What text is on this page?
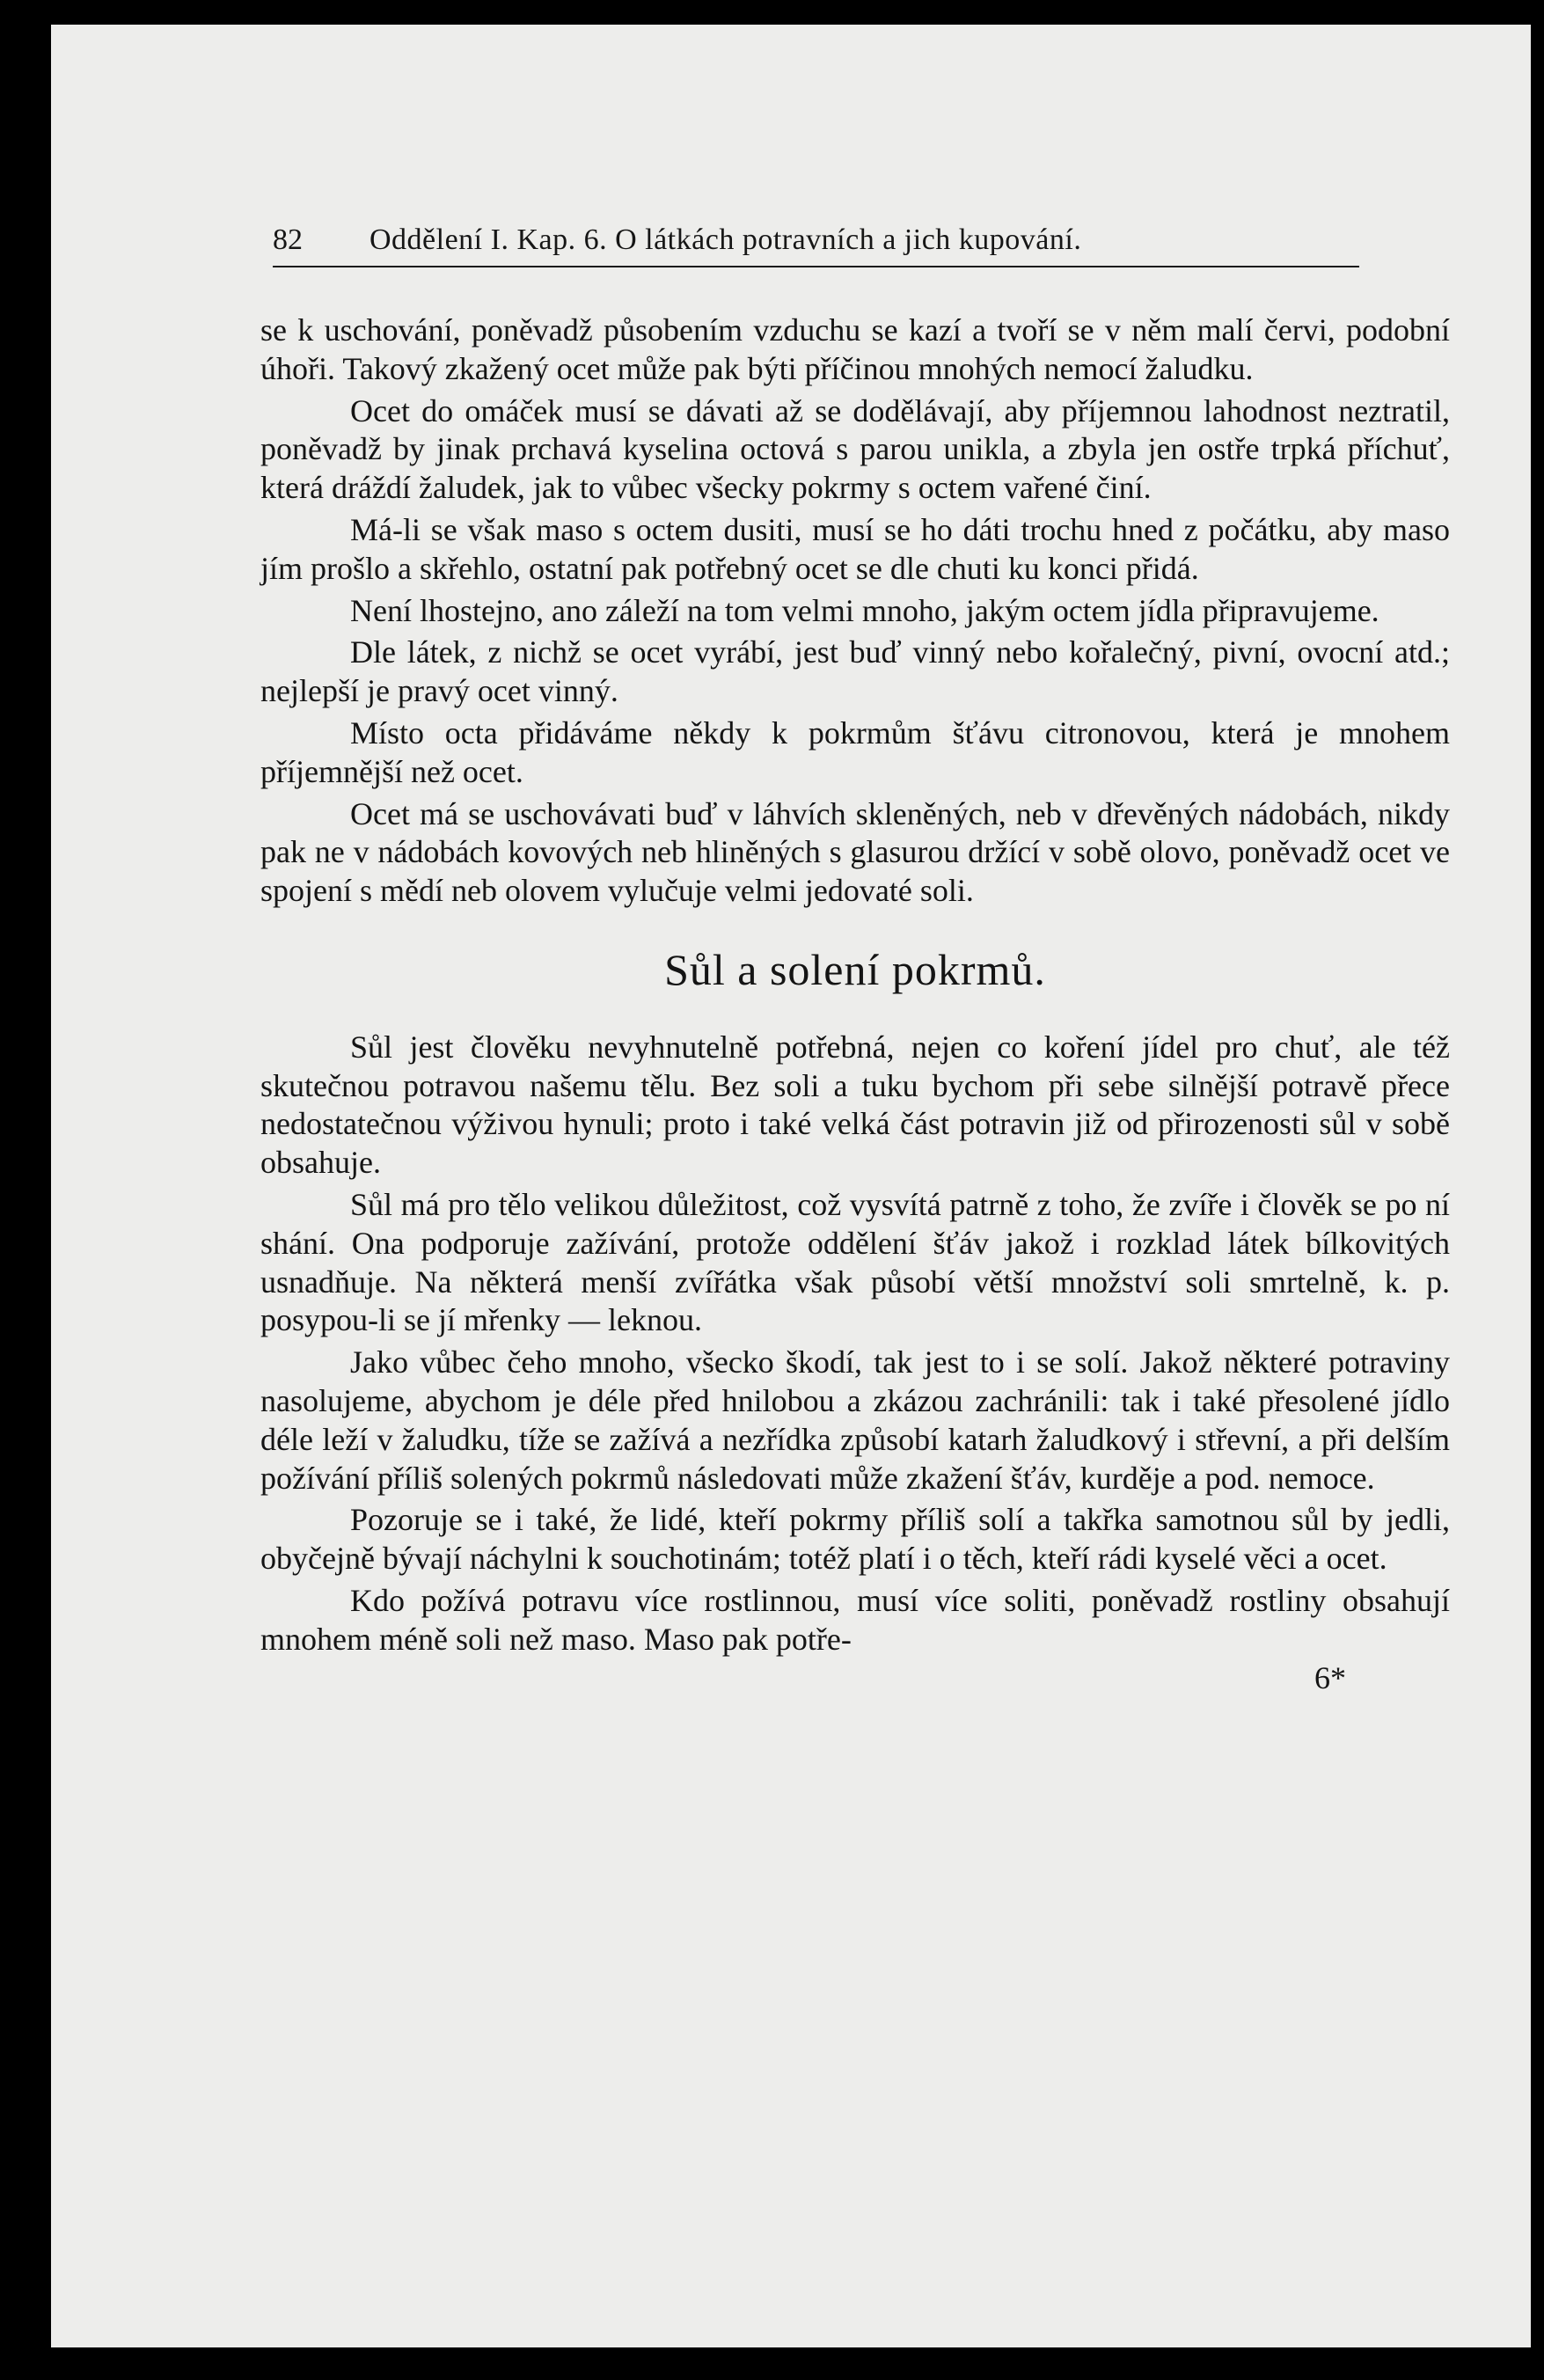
82 Oddělení I. Kap. 6. O látkách potravních a jich kupování.

se k uschování, poněvadž působením vzduchu se kazí a tvoří se v něm malí červi, podobní úhoři. Takový zkažený ocet může pak býti příčinou mnohých nemocí žaludku.

Ocet do omáček musí se dávati až se dodělávají, aby příjemnou lahodnost neztratil, poněvadž by jinak prchavá kyselina octová s parou unikla, a zbyla jen ostře trpká příchuť, která dráždí žaludek, jak to vůbec všecky pokrmy s octem vařené činí.

Má-li se však maso s octem dusiti, musí se ho dáti trochu hned z počátku, aby maso jím prošlo a skřehlo, ostatní pak potřebný ocet se dle chuti ku konci přidá.

Není lhostejno, ano záleží na tom velmi mnoho, jakým octem jídla připravujeme.

Dle látek, z nichž se ocet vyrábí, jest buď vinný nebo kořalečný, pivní, ovocní atd.; nejlepší je pravý ocet vinný.

Místo octa přidáváme někdy k pokrmům šťávu citronovou, která je mnohem příjemnější než ocet.

Ocet má se uschovávati buď v láhvích skleněných, neb v dřevěných nádobách, nikdy pak ne v nádobách kovových neb hliněných s glasurou držící v sobě olovo, poněvadž ocet ve spojení s mědí neb olovem vylučuje velmi jedovaté soli.

Sůl a solení pokrmů.

Sůl jest člověku nevyhnutelně potřebná, nejen co koření jídel pro chuť, ale též skutečnou potravou našemu tělu. Bez soli a tuku bychom při sebe silnější potravě přece nedostatečnou výživou hynuli; proto i také velká část potravin již od přirozenosti sůl v sobě obsahuje.

Sůl má pro tělo velikou důležitost, což vysvítá patrně z toho, že zvíře i člověk se po ní shání. Ona podporuje zažívání, protože oddělení šťáv jakož i rozklad látek bílkovitých usnadňuje. Na některá menší zvířátka však působí větší množství soli smrtelně, k. p. posypou-li se jí mřenky — leknou.

Jako vůbec čeho mnoho, všecko škodí, tak jest to i se solí. Jakož některé potraviny nasolujeme, abychom je déle před hnilobou a zkázou zachránili: tak i také přesolené jídlo déle leží v žaludku, tíže se zažívá a nezřídka způsobí katarh žaludkový i střevní, a při delším požívání příliš solených pokrmů následovati může zkažení šťáv, kurděje a pod. nemoce.

Pozoruje se i také, že lidé, kteří pokrmy příliš solí a takřka samotnou sůl by jedli, obyčejně bývají náchylni k souchotinám; totéž platí i o těch, kteří rádi kyselé věci a ocet.

Kdo požívá potravu více rostlinnou, musí více soliti, poněvadž rostliny obsahují mnohem méně soli než maso. Maso pak potře-

6*
